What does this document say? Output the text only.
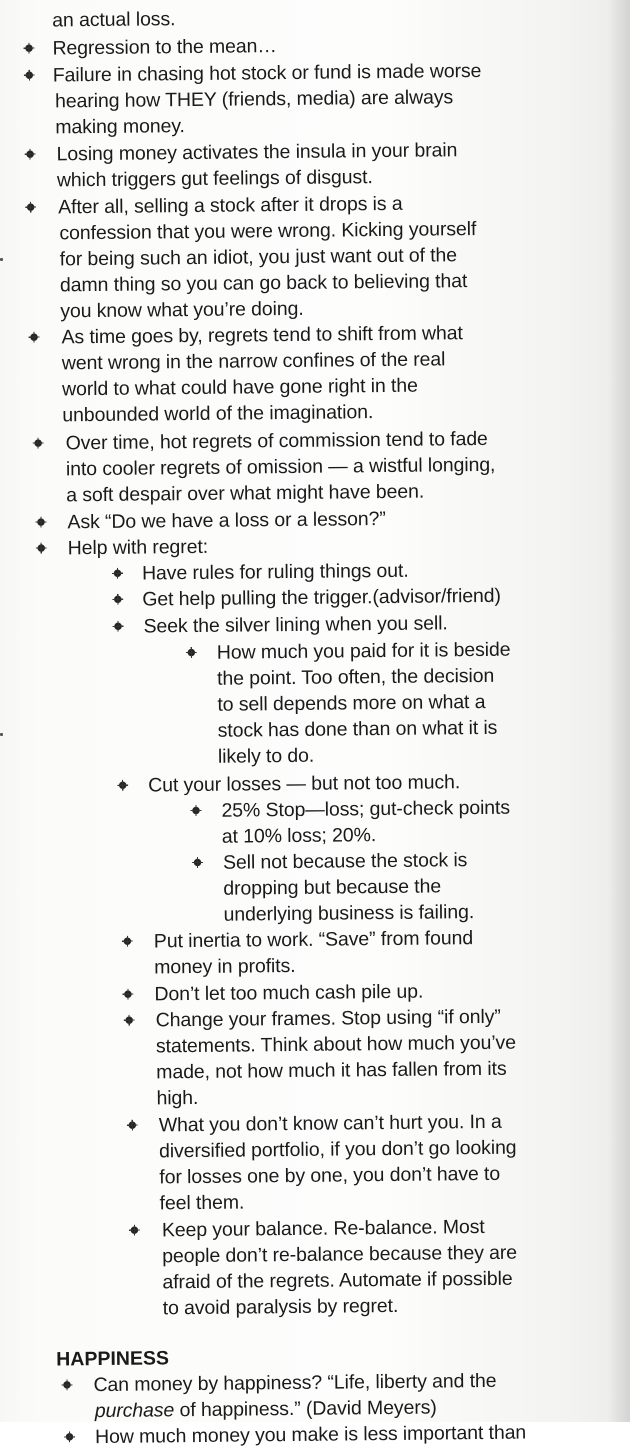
an actual loss.
Regression to the mean…
Failure in chasing hot stock or fund is made worse
hearing how THEY (friends, media) are always
making money.
Losing money activates the insula in your brain
which triggers gut feelings of disgust.
After all, selling a stock after it drops is a
confession that you were wrong. Kicking yourself
for being such an idiot, you just want out of the
damn thing so you can go back to believing that
you know what you’re doing.
As time goes by, regrets tend to shift from what
went wrong in the narrow confines of the real
world to what could have gone right in the
unbounded world of the imagination.
Over time, hot regrets of commission tend to fade
into cooler regrets of omission — a wistful longing,
a soft despair over what might have been.
Ask “Do we have a loss or a lesson?”
Help with regret:
Have rules for ruling things out.
Get help pulling the trigger.(advisor/friend)
Seek the silver lining when you sell.
How much you paid for it is beside
the point. Too often, the decision
to sell depends more on what a
stock has done than on what it is
likely to do.
Cut your losses — but not too much.
25% Stop—loss; gut-check points
at 10% loss; 20%.
Sell not because the stock is
dropping but because the
underlying business is failing.
Put inertia to work. “Save” from found
money in profits.
Don’t let too much cash pile up.
Change your frames. Stop using “if only”
statements. Think about how much you’ve
made, not how much it has fallen from its
high.
What you don’t know can’t hurt you. In a
diversified portfolio, if you don’t go looking
for losses one by one, you don’t have to
feel them.
Keep your balance. Re-balance. Most
people don’t re-balance because they are
afraid of the regrets. Automate if possible
to avoid paralysis by regret.
HAPPINESS
Can money by happiness? “Life, liberty and the
purchase of happiness.” (David Meyers)
How much money you make is less important than
